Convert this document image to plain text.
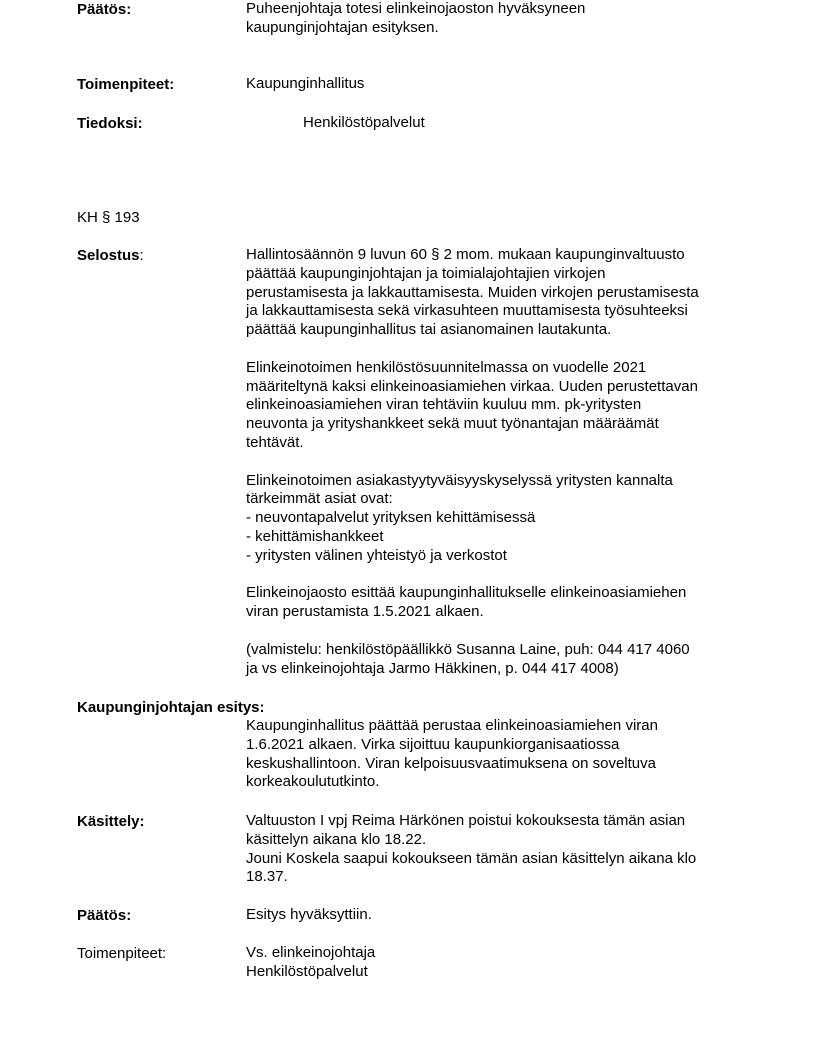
Päätös:	Puheenjohtaja totesi elinkeinojaoston hyväksyneen
kaupunginjohtajan esityksen.
Toimenpiteet:	Kaupunginhallitus
Tiedoksi:	Henkilöstöpalvelut
KH § 193
Selostus:	Hallintosäännön 9 luvun 60 § 2 mom. mukaan kaupunginvaltuusto
päättää kaupunginjohtajan ja toimialajohtajien virkojen
perustamisesta ja lakkauttamisesta. Muiden virkojen perustamisesta
ja lakkauttamisesta sekä virkasuhteen muuttamisesta työsuhteeksi
päättää kaupunginhallitus tai asianomainen lautakunta.

Elinkeinotoimen henkilöstösuunnitelmassa on vuodelle 2021
määriteltynä kaksi elinkeinoasiamiehen virkaa. Uuden perustettavan
elinkeinoasiamiehen viran tehtäviin kuuluu mm. pk-yritysten
neuvonta ja yrityshankkeet sekä muut työnantajan määräämät
tehtävät.

Elinkeinotoimen asiakastyytyväisyyskyselyssä yritysten kannalta
tärkeimmät asiat ovat:
- neuvontapalvelut yrityksen kehittämisessä
- kehittämishankkeet
- yritysten välinen yhteistyö ja verkostot

Elinkeinojaosto esittää kaupunginhallitukselle elinkeinoasiamiehen
viran perustamista 1.5.2021 alkaen.

(valmistelu: henkilöstöpäällikkö Susanna Laine, puh: 044 417 4060
ja vs elinkeinojohtaja Jarmo Häkkinen, p. 044 417 4008)

Kaupunginjohtajan esitys:
Kaupunginhallitus päättää perustaa elinkeinoasiamiehen viran
1.6.2021 alkaen. Virka sijoittuu kaupunkiorganisaatiossa
keskushallintoon. Viran kelpoisuusvaatimuksena on soveltuva
korkeakoulututkinto.
Käsittely:	Valtuuston I vpj Reima Härkönen poistui kokouksesta tämän asian
käsittelyn aikana klo 18.22.
Jouni Koskela saapui kokoukseen tämän asian käsittelyn aikana klo
18.37.
Päätös:	Esitys hyväksyttiin.
Toimenpiteet:	Vs. elinkeinojohtaja
Henkilöstöpalvelut
